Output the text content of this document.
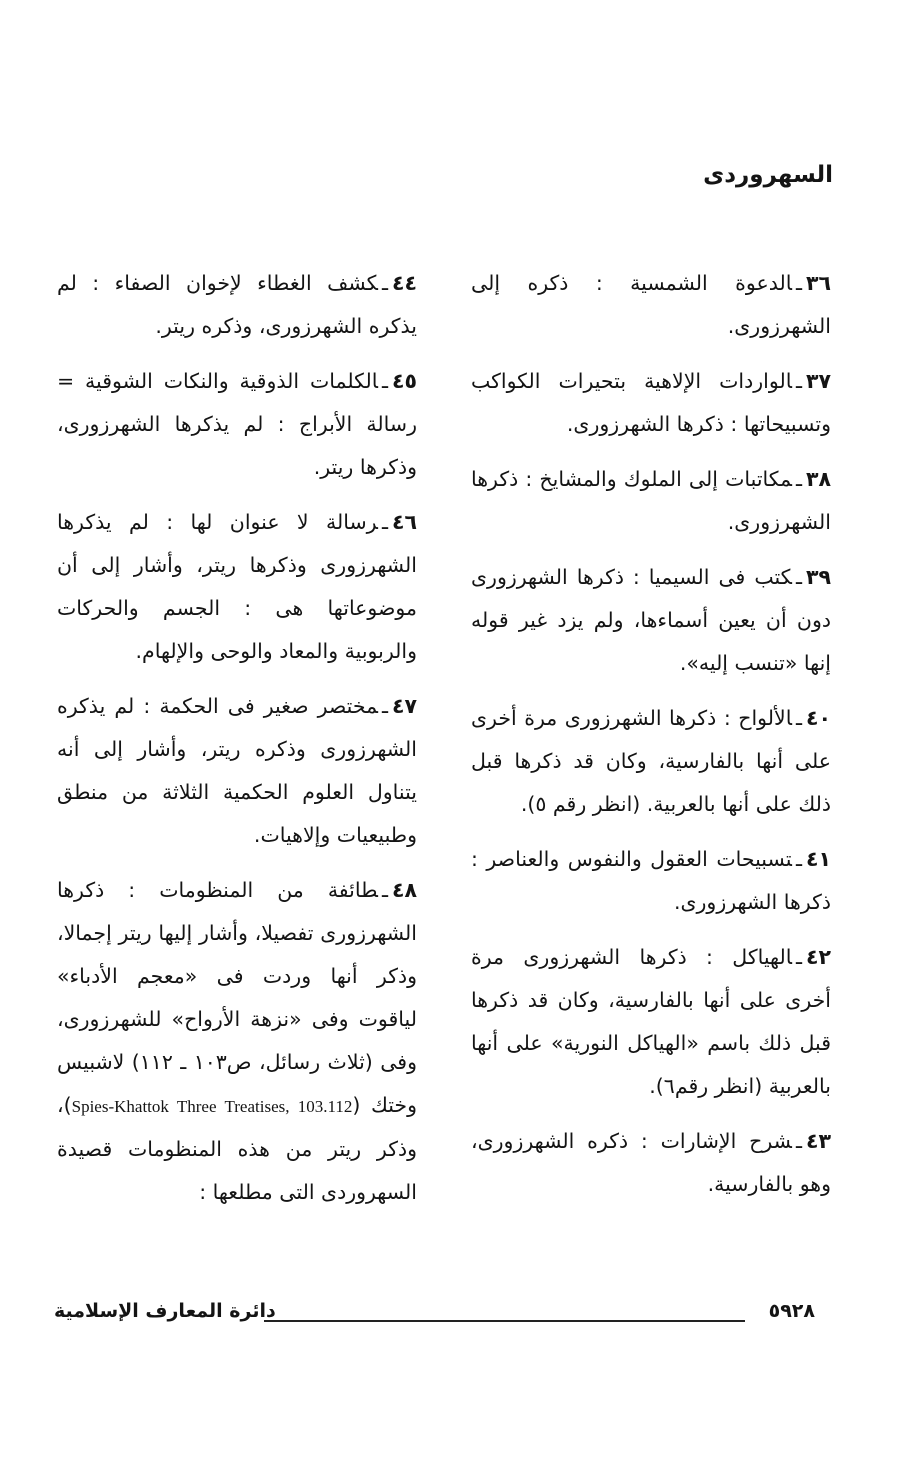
السهروردى

٣٦ـالدعوة الشمسية : ذكره إلى الشهرزورى.

٣٧ـالواردات الإلاهية بتحيرات الكواكب وتسبيحاتها : ذكرها الشهرزورى.

٣٨ـمكاتبات إلى الملوك والمشايخ : ذكرها الشهرزورى.

٣٩ـكتب فى السيميا : ذكرها الشهرزورى دون أن يعين أسماءها، ولم يزد غير قوله إنها «تنسب إليه».

٤٠ـالألواح : ذكرها الشهرزورى مرة أخرى على أنها بالفارسية، وكان قد ذكرها قبل ذلك على أنها بالعربية. (انظر رقم ٥).

٤١ـتسبيحات العقول والنفوس والعناصر : ذكرها الشهرزورى.

٤٢ـالهياكل : ذكرها الشهرزورى مرة أخرى على أنها بالفارسية، وكان قد ذكرها قبل ذلك باسم «الهياكل النورية» على أنها بالعربية (انظر رقم٦).

٤٣ـشرح الإشارات : ذكره الشهرزورى، وهو بالفارسية.

٤٤ـكشف الغطاء لإخوان الصفاء : لم يذكره الشهرزورى، وذكره ريتر.

٤٥ـالكلمات الذوقية والنكات الشوقية = رسالة الأبراج : لم يذكرها الشهرزورى، وذكرها ريتر.

٤٦ـرسالة لا عنوان لها : لم يذكرها الشهرزورى وذكرها ريتر، وأشار إلى أن موضوعاتها هى : الجسم والحركات والربوبية والمعاد والوحى والإلهام.

٤٧ـمختصر صغير فى الحكمة : لم يذكره الشهرزورى وذكره ريتر، وأشار إلى أنه يتناول العلوم الحكمية الثلاثة من منطق وطبيعيات وإلاهيات.

٤٨ـطائفة من المنظومات : ذكرها الشهرزورى تفصيلا، وأشار إليها ريتر إجمالا، وذكر أنها وردت فى «معجم الأدباء» لياقوت وفى «نزهة الأرواح» للشهرزورى، وفى (ثلاث رسائل، ص١٠٣ ـ ١١٢) لاشبيس وختك (Spies-Khattok Three Treatises, 103.112)، وذكر ريتر من هذه المنظومات قصيدة السهروردى التى مطلعها :

٥٩٢٨
دائرة المعارف الإسلامية
